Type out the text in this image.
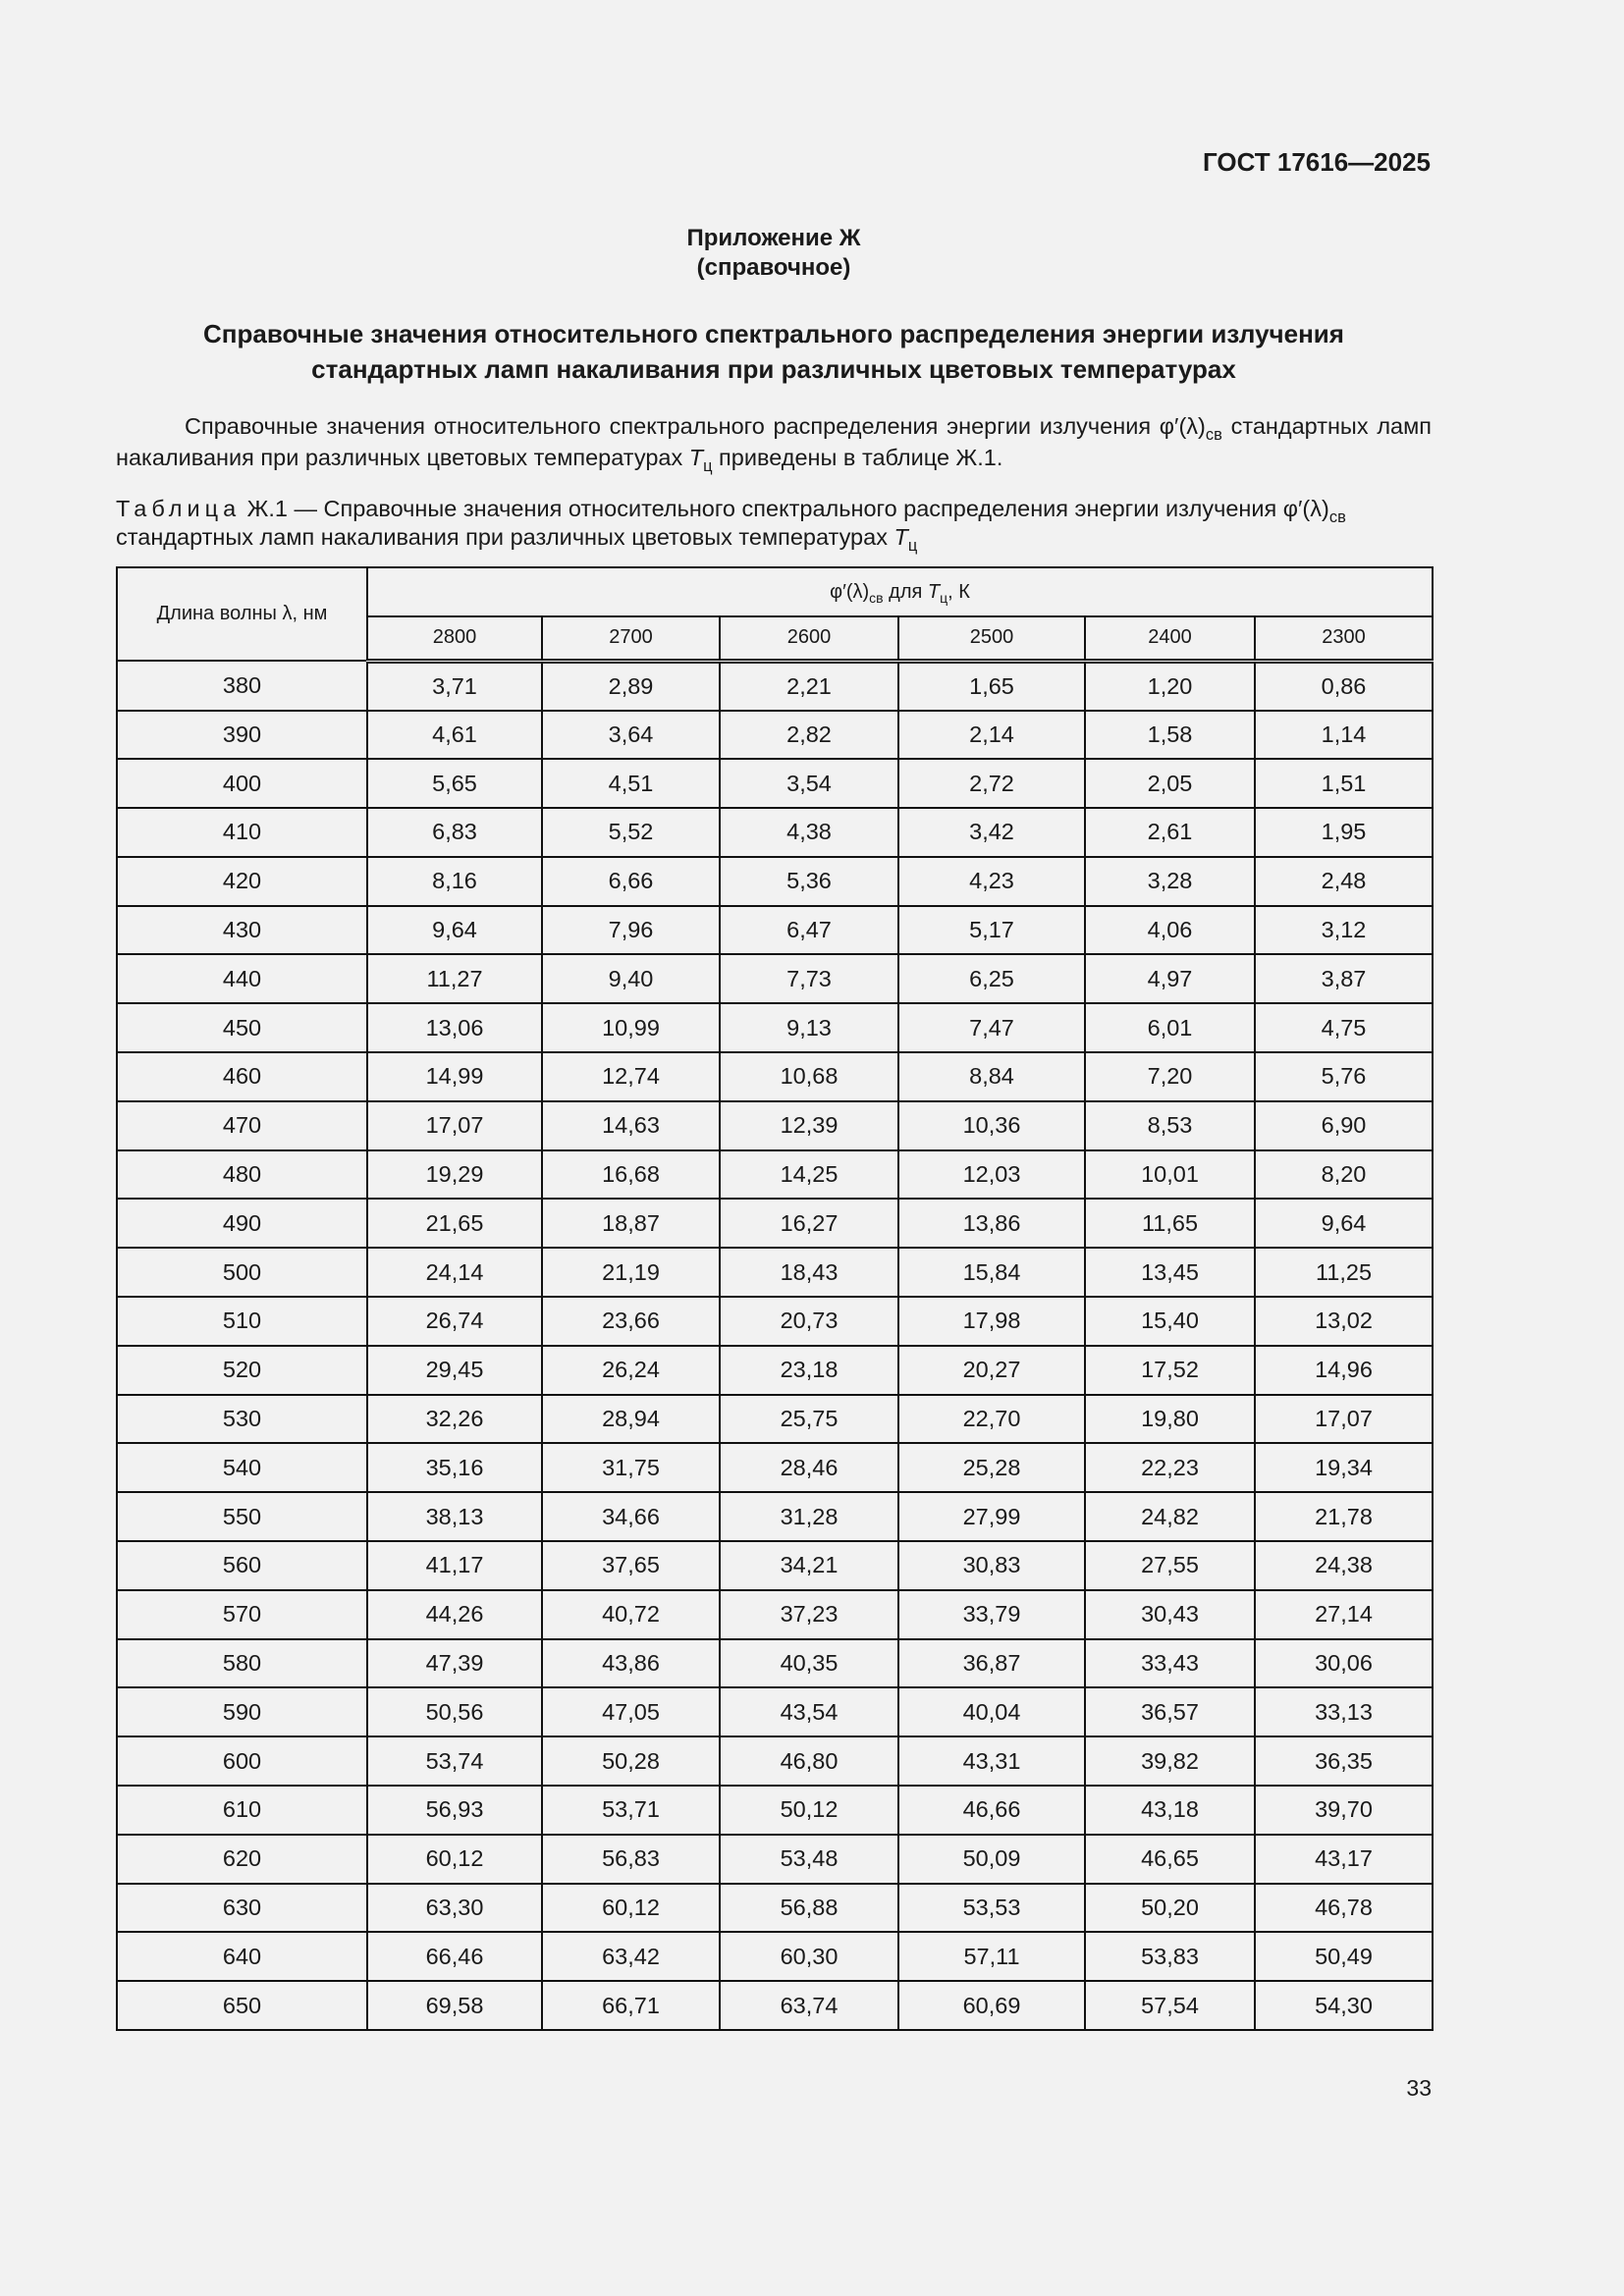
ГОСТ 17616—2025
Приложение Ж
(справочное)
Справочные значения относительного спектрального распределения энергии излучения
стандартных ламп накаливания при различных цветовых температурах
Справочные значения относительного спектрального распределения энергии излучения $\varphi'(\lambda)_{св}$ стандартных ламп накаливания при различных цветовых температурах $T_ц$ приведены в таблице Ж.1.
Таблица Ж.1 — Справочные значения относительного спектрального распределения энергии излучения $\varphi'(\lambda)_{св}$ стандартных ламп накаливания при различных цветовых температурах $T_ц$
Длина волны λ, нм	$\varphi'(\lambda)_{св}$ для $T_ц$, К					
	2800	2700	2600	2500	2400	2300
380	3,71	2,89	2,21	1,65	1,20	0,86
390	4,61	3,64	2,82	2,14	1,58	1,14
400	5,65	4,51	3,54	2,72	2,05	1,51
410	6,83	5,52	4,38	3,42	2,61	1,95
420	8,16	6,66	5,36	4,23	3,28	2,48
430	9,64	7,96	6,47	5,17	4,06	3,12
440	11,27	9,40	7,73	6,25	4,97	3,87
450	13,06	10,99	9,13	7,47	6,01	4,75
460	14,99	12,74	10,68	8,84	7,20	5,76
470	17,07	14,63	12,39	10,36	8,53	6,90
480	19,29	16,68	14,25	12,03	10,01	8,20
490	21,65	18,87	16,27	13,86	11,65	9,64
500	24,14	21,19	18,43	15,84	13,45	11,25
510	26,74	23,66	20,73	17,98	15,40	13,02
520	29,45	26,24	23,18	20,27	17,52	14,96
530	32,26	28,94	25,75	22,70	19,80	17,07
540	35,16	31,75	28,46	25,28	22,23	19,34
550	38,13	34,66	31,28	27,99	24,82	21,78
560	41,17	37,65	34,21	30,83	27,55	24,38
570	44,26	40,72	37,23	33,79	30,43	27,14
580	47,39	43,86	40,35	36,87	33,43	30,06
590	50,56	47,05	43,54	40,04	36,57	33,13
600	53,74	50,28	46,80	43,31	39,82	36,35
610	56,93	53,71	50,12	46,66	43,18	39,70
620	60,12	56,83	53,48	50,09	46,65	43,17
630	63,30	60,12	56,88	53,53	50,20	46,78
640	66,46	63,42	60,30	57,11	53,83	50,49
650	69,58	66,71	63,74	60,69	57,54	54,30
33
